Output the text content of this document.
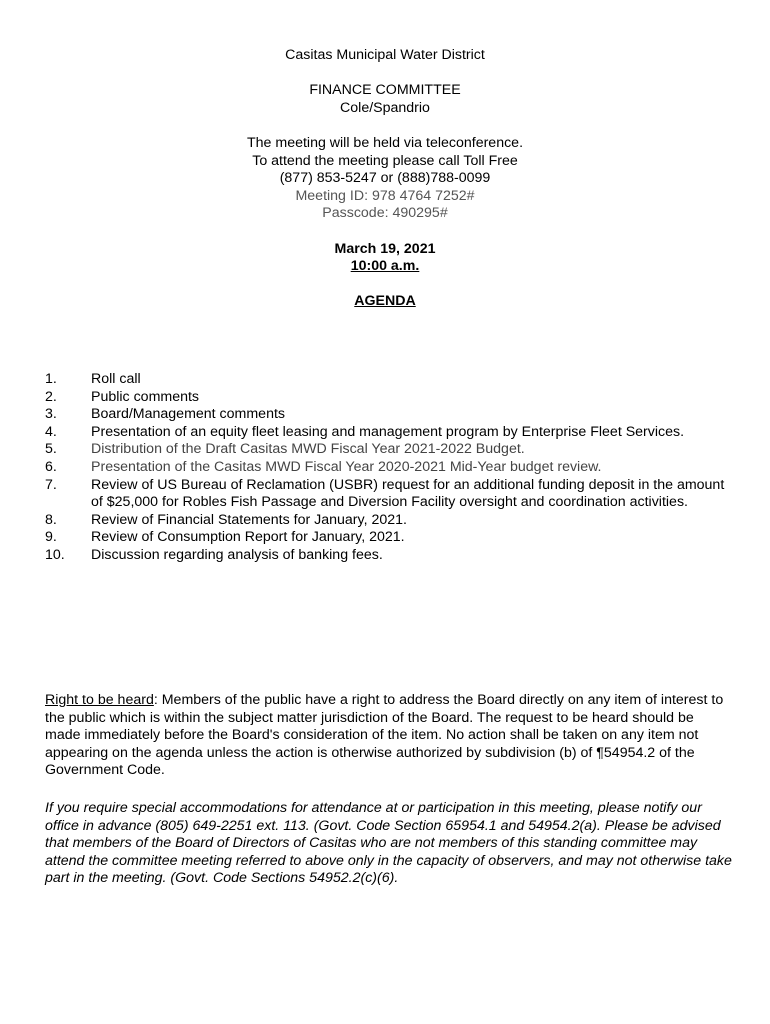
Casitas Municipal Water District
FINANCE COMMITTEE
Cole/Spandrio
The meeting will be held via teleconference.
To attend the meeting please call Toll Free
(877) 853-5247 or (888)788-0099
Meeting ID: 978 4764 7252#
Passcode: 490295#
March 19, 2021
10:00 a.m.
AGENDA
1. Roll call
2. Public comments
3. Board/Management comments
4. Presentation of an equity fleet leasing and management program by Enterprise Fleet Services.
5. Distribution of the Draft Casitas MWD Fiscal Year 2021-2022 Budget.
6. Presentation of the Casitas MWD Fiscal Year 2020-2021 Mid-Year budget review.
7. Review of US Bureau of Reclamation (USBR) request for an additional funding deposit in the amount of $25,000 for Robles Fish Passage and Diversion Facility oversight and coordination activities.
8. Review of Financial Statements for January, 2021.
9. Review of Consumption Report for January, 2021.
10. Discussion regarding analysis of banking fees.
Right to be heard: Members of the public have a right to address the Board directly on any item of interest to the public which is within the subject matter jurisdiction of the Board. The request to be heard should be made immediately before the Board's consideration of the item. No action shall be taken on any item not appearing on the agenda unless the action is otherwise authorized by subdivision (b) of ¶54954.2 of the Government Code.
If you require special accommodations for attendance at or participation in this meeting, please notify our office in advance (805) 649-2251 ext. 113. (Govt. Code Section 65954.1 and 54954.2(a). Please be advised that members of the Board of Directors of Casitas who are not members of this standing committee may attend the committee meeting referred to above only in the capacity of observers, and may not otherwise take part in the meeting. (Govt. Code Sections 54952.2(c)(6).
